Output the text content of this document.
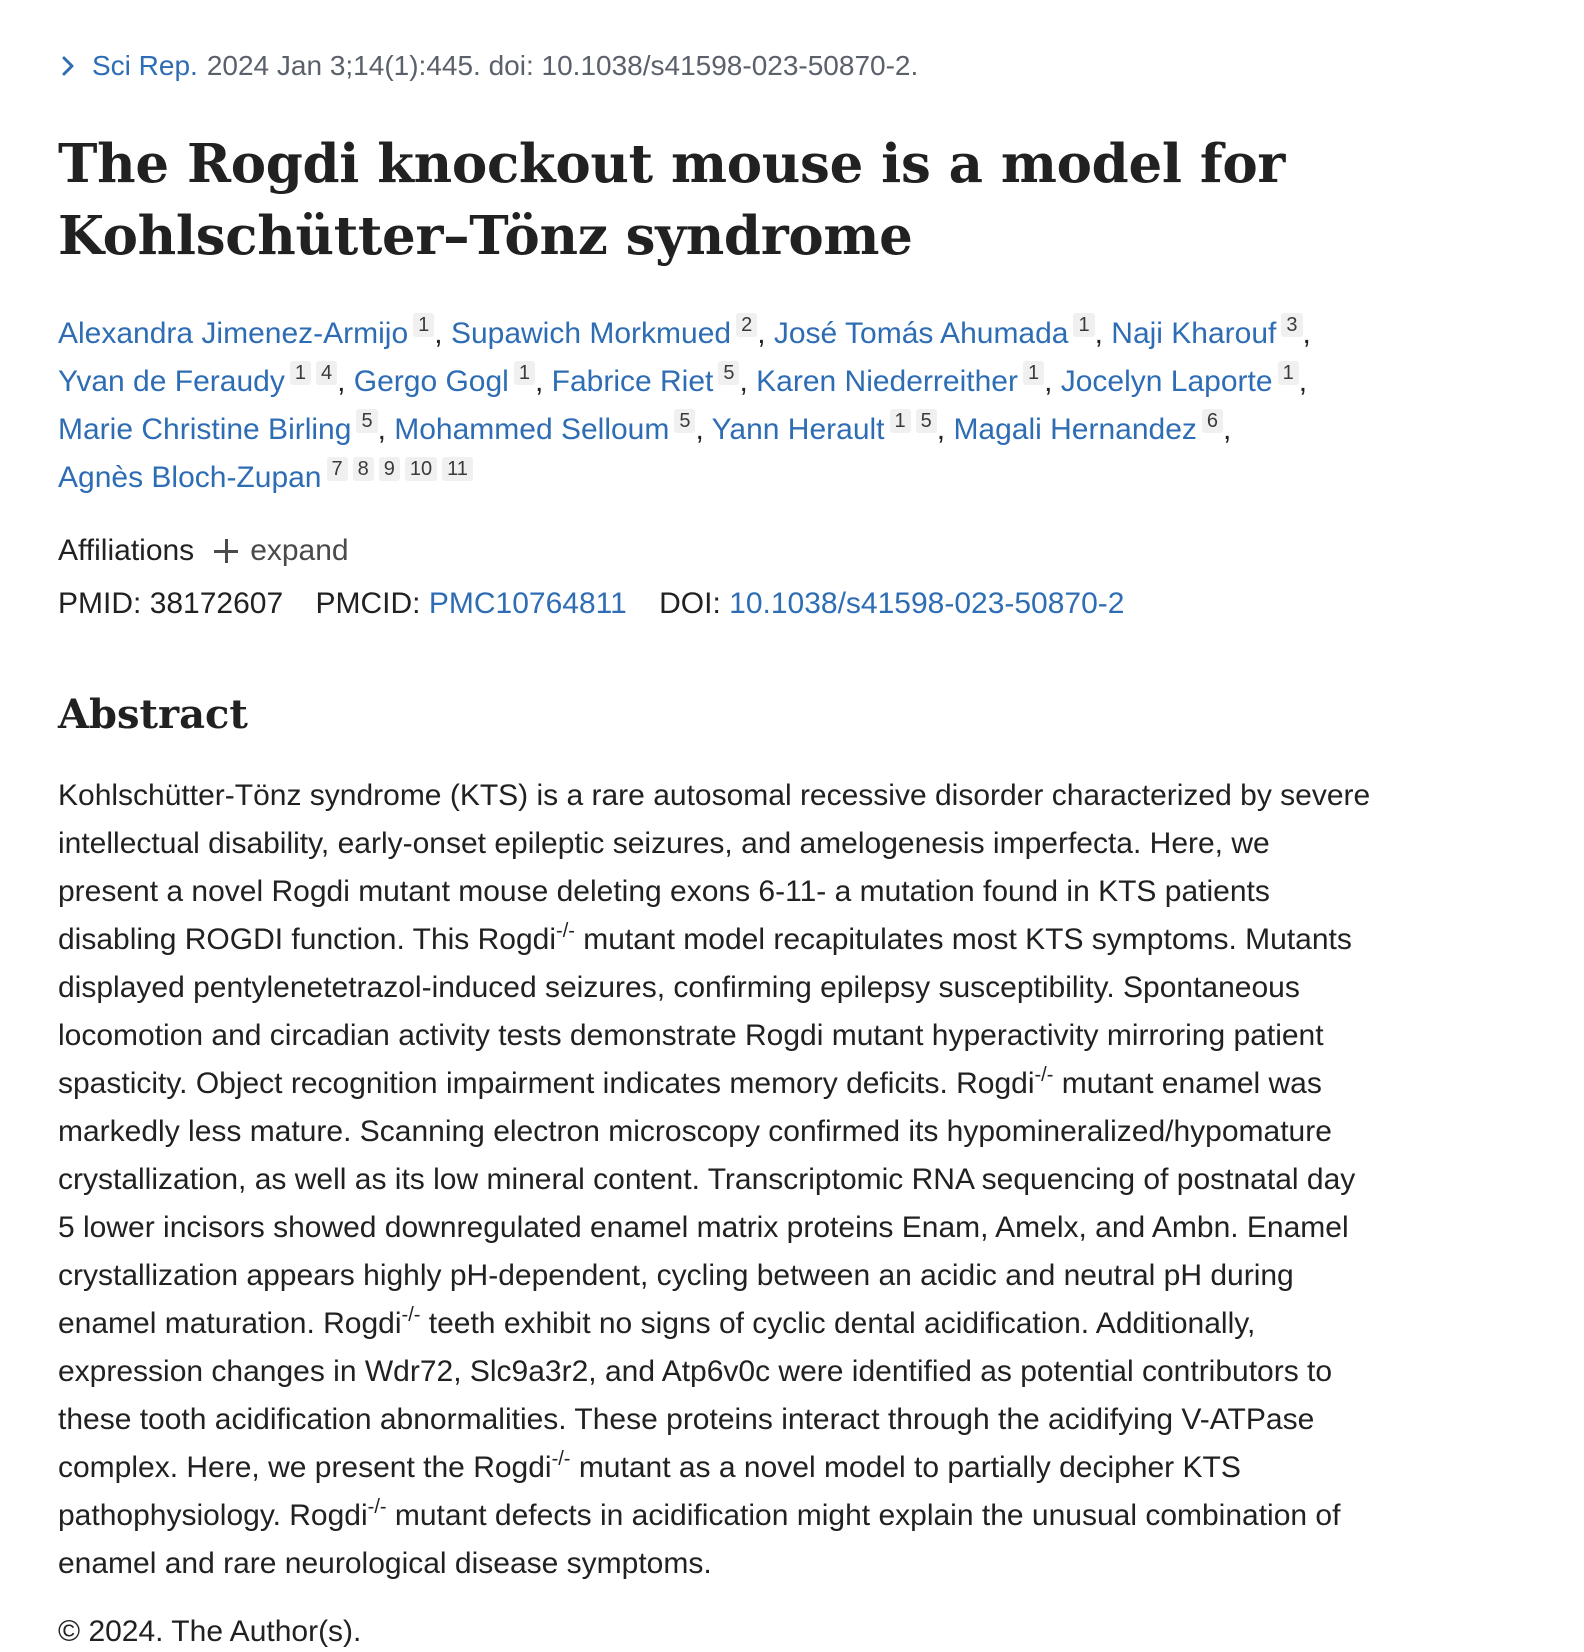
Sci Rep. 2024 Jan 3;14(1):445. doi: 10.1038/s41598-023-50870-2.
The Rogdi knockout mouse is a model for
Kohlschütter–Tönz syndrome
Alexandra Jimenez-Armijo 1 , Supawich Morkmued 2 , José Tomás Ahumada 1 , Naji Kharouf 3 ,
Yvan de Feraudy 1 4 , Gergo Gogl 1 , Fabrice Riet 5 , Karen Niederreither 1 , Jocelyn Laporte 1 ,
Marie Christine Birling 5 , Mohammed Selloum 5 , Yann Herault 1 5 , Magali Hernandez 6 ,
Agnès Bloch-Zupan 7 8 9 10 11
Affiliations expand
PMID: 38172607 PMCID: PMC10764811 DOI: 10.1038/s41598-023-50870-2
Abstract
Kohlschütter-Tönz syndrome (KTS) is a rare autosomal recessive disorder characterized by severe
intellectual disability, early-onset epileptic seizures, and amelogenesis imperfecta. Here, we
present a novel Rogdi mutant mouse deleting exons 6-11- a mutation found in KTS patients
disabling ROGDI function. This Rogdi-/- mutant model recapitulates most KTS symptoms. Mutants
displayed pentylenetetrazol-induced seizures, confirming epilepsy susceptibility. Spontaneous
locomotion and circadian activity tests demonstrate Rogdi mutant hyperactivity mirroring patient
spasticity. Object recognition impairment indicates memory deficits. Rogdi-/- mutant enamel was
markedly less mature. Scanning electron microscopy confirmed its hypomineralized/hypomature
crystallization, as well as its low mineral content. Transcriptomic RNA sequencing of postnatal day
5 lower incisors showed downregulated enamel matrix proteins Enam, Amelx, and Ambn. Enamel
crystallization appears highly pH-dependent, cycling between an acidic and neutral pH during
enamel maturation. Rogdi-/- teeth exhibit no signs of cyclic dental acidification. Additionally,
expression changes in Wdr72, Slc9a3r2, and Atp6v0c were identified as potential contributors to
these tooth acidification abnormalities. These proteins interact through the acidifying V-ATPase
complex. Here, we present the Rogdi-/- mutant as a novel model to partially decipher KTS
pathophysiology. Rogdi-/- mutant defects in acidification might explain the unusual combination of
enamel and rare neurological disease symptoms.
© 2024. The Author(s).
